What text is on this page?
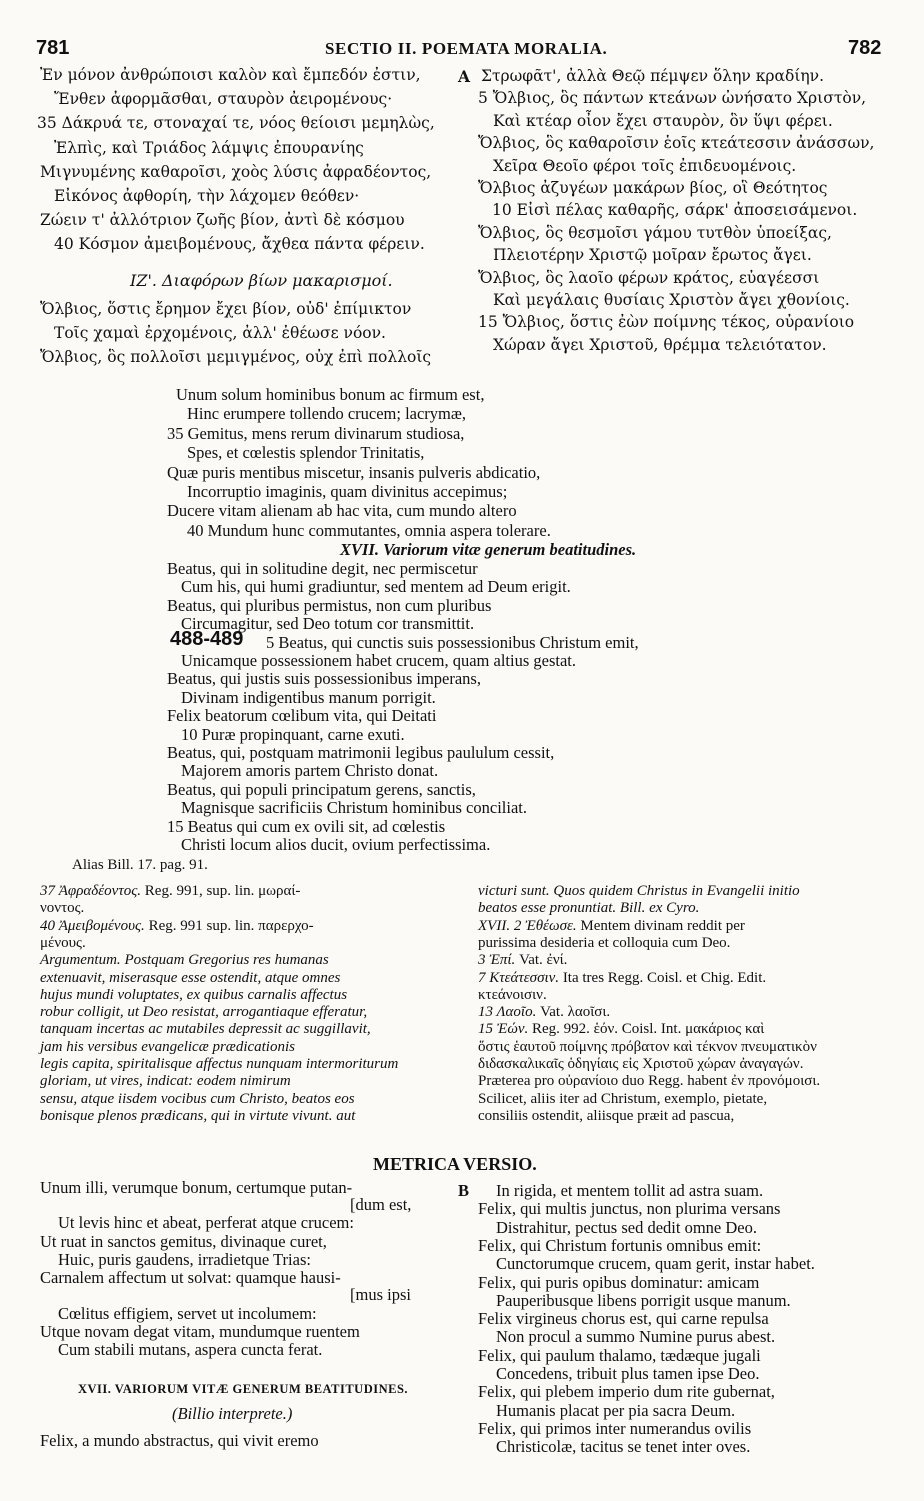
781	SECTIO II. POEMATA MORALIA.	782
Ἐν μόνον ἀνθρώποισι καλὸν καὶ ἔμπεδόν ἐστιν,
Ἔνθεν ἀφορμᾶσθαι, σταυρὸν ἀειρομένους·
35 Δάκρυά τε, στοναχαί τε, νόος θείοισι μεμηλὼς,
Ἐλπὶς, καὶ Τριάδος λάμψις ἐπουρανίης
Μιγνυμένης καθαροῖσι, χοὸς λύσις ἀφραδέοντος,
Εἰκόνος ἀφθορίη, τὴν λάχομεν θεόθεν·
Ζώειν τ' ἀλλότριον ζωῆς βίον, ἀντὶ δὲ κόσμου
40 Κόσμον ἀμειβομένους, ἄχθεα πάντα φέρειν.
ΙΖ'. Διαφόρων βίων μακαρισμοί.
Ὄλβιος, ὅστις ἔρημον ἔχει βίον, οὐδ' ἐπίμικτον
Τοῖς χαμαὶ ἐρχομένοις, ἀλλ' ἐθέωσε νόον.
Ὄλβιος, ὃς πολλοῖσι μεμιγμένος, οὐχ ἐπὶ πολλοῖς
A Στρωφᾶτ', ἀλλὰ Θεῷ πέμψεν ὅλην κραδίην.
5 Ὄλβιος, ὃς πάντων κτεάνων ὠνήσατο Χριστὸν,
Καὶ κτέαρ οἶον ἔχει σταυρὸν, ὃν ὕψι φέρει.
Ὄλβιος, ὃς καθαροῖσιν ἑοῖς κτεάτεσσιν ἀνάσσων,
Χεῖρα Θεοῖο φέροι τοῖς ἐπιδευομένοις.
Ὄλβιος ἀζυγέων μακάρων βίος, οἳ Θεότητος
10 Εἰσὶ πέλας καθαρῆς, σάρκ' ἀποσεισάμενοι.
Ὄλβιος, ὃς θεσμοῖσι γάμου τυτθὸν ὑποείξας,
Πλειοτέρην Χριστῷ μοῖραν ἔρωτος ἄγει.
Ὄλβιος, ὃς λαοῖο φέρων κράτος, εὐαγέεσσι
Καὶ μεγάλαις θυσίαις Χριστὸν ἄγει χθονίοις.
15 Ὄλβιος, ὅστις ἐὼν ποίμνης τέκος, οὐρανίοιο
Χώραν ἄγει Χριστοῦ, θρέμμα τελειότατον.
Unum solum hominibus bonum ac firmum est,
Hinc erumpere tollendo crucem; lacrymæ,
35 Gemitus, mens rerum divinarum studiosa,
Spes, et cœlestis splendor Trinitatis,
Quæ puris mentibus miscetur, insanis pulveris abdicatio,
Incorruptio imaginis, quam divinitus accepimus;
Ducere vitam alienam ab hac vita, cum mundo altero
40 Mundum hunc commutantes, omnia aspera tolerare.
XVII. Variorum vitæ generum beatitudines.
488-489
Beatus, qui in solitudine degit, nec permiscetur
Cum his, qui humi gradiuntur, sed mentem ad Deum erigit.
Beatus, qui pluribus permistus, non cum pluribus
Circumagitur, sed Deo totum cor transmittit.
5 Beatus, qui cunctis suis possessionibus Christum emit,
Unicamque possessionem habet crucem, quam altius gestat.
Beatus, qui justis suis possessionibus imperans,
Divinam indigentibus manum porrigit.
Felix beatorum cœlibum vita, qui Deitati
10 Puræ propinquant, carne exuti.
Beatus, qui, postquam matrimonii legibus paululum cessit,
Majorem amoris partem Christo donat.
Beatus, qui populi principatum gerens, sanctis,
Magnisque sacrificiis Christum hominibus conciliat.
15 Beatus qui cum ex ovili sit, ad cœlestis
Christi locum alios ducit, ovium perfectissima.
Alias Bill. 17. pag. 91.
37 Ἀφραδέοντος. Reg. 991, sup. lin. μωραί-
νοντος.
40 Ἀμειβομένους. Reg. 991 sup. lin. παρερχο-
μένους.
Argumentum. Postquam Gregorius res humanas
extenuavit, miserasque esse ostendit, atque omnes
hujus mundi voluptates, ex quibus carnalis affectus
robur colligit, ut Deo resistat, arrogantiaque efferatur,
tanquam incertas ac mutabiles depressit ac suggillavit,
jam his versibus evangelicæ prædicationis
legis capita, spiritalisque affectus nunquam intermoriturum
gloriam, ut vires, indicat: eodem nimirum
sensu, atque iisdem vocibus cum Christo, beatos eos
bonisque plenos prædicans, qui in virtute vivunt. aut
victuri sunt. Quos quidem Christus in Evangelii initio
beatos esse pronuntiat. Bill. ex Cyro.
XVII. 2 Ἐθέωσε. Mentem divinam reddit per
purissima desideria et colloquia cum Deo.
3 Ἐπί. Vat. ἐνί.
7 Κτεάτεσσιν. Ita tres Regg. Coisl. et Chig. Edit.
κτεάνοισιν.
13 Λαοῖο. Vat. λαοῖσι.
15 Ἐών. Reg. 992. ἑόν. Coisl. Int. μακάριος καὶ
ὅστις ἑαυτοῦ ποίμνης πρόβατον καὶ τέκνον πνευματικὸν
διδασκαλικαῖς ὁδηγίαις εἰς Χριστοῦ χώραν ἀναγαγών.
Præterea pro οὐρανίοιο duo Regg. habent ἐν προνόμοισι.
Scilicet, aliis iter ad Christum, exemplo, pietate,
consiliis ostendit, aliisque præit ad pascua,
METRICA VERSIO.
Unum illi, verumque bonum, certumque putan-
[dum est,
Ut levis hinc et abeat, perferat atque crucem:
Ut ruat in sanctos gemitus, divinaque curet,
Huic, puris gaudens, irradietque Trias:
Carnalem affectum ut solvat: quamque hausi-
[mus ipsi
Cœlitus effigiem, servet ut incolumem:
Utque novam degat vitam, mundumque ruentem
Cum stabili mutans, aspera cuncta ferat.
XVII. VARIORUM VITÆ GENERUM BEATITUDINES.
(Billio interprete.)
Felix, a mundo abstractus, qui vivit eremo
B In rigida, et mentem tollit ad astra suam.
Felix, qui multis junctus, non plurima versans
Distrahitur, pectus sed dedit omne Deo.
Felix, qui Christum fortunis omnibus emit:
Cunctorumque crucem, quam gerit, instar habet.
Felix, qui puris opibus dominatur: amicam
Pauperibusque libens porrigit usque manum.
Felix virgineus chorus est, qui carne repulsa
Non procul a summo Numine purus abest.
Felix, qui paulum thalamo, tædæque jugali
Concedens, tribuit plus tamen ipse Deo.
Felix, qui plebem imperio dum rite gubernat,
Humanis placat per pia sacra Deum.
Felix, qui primos inter numerandus ovilis
Christicolæ, tacitus se tenet inter oves.
